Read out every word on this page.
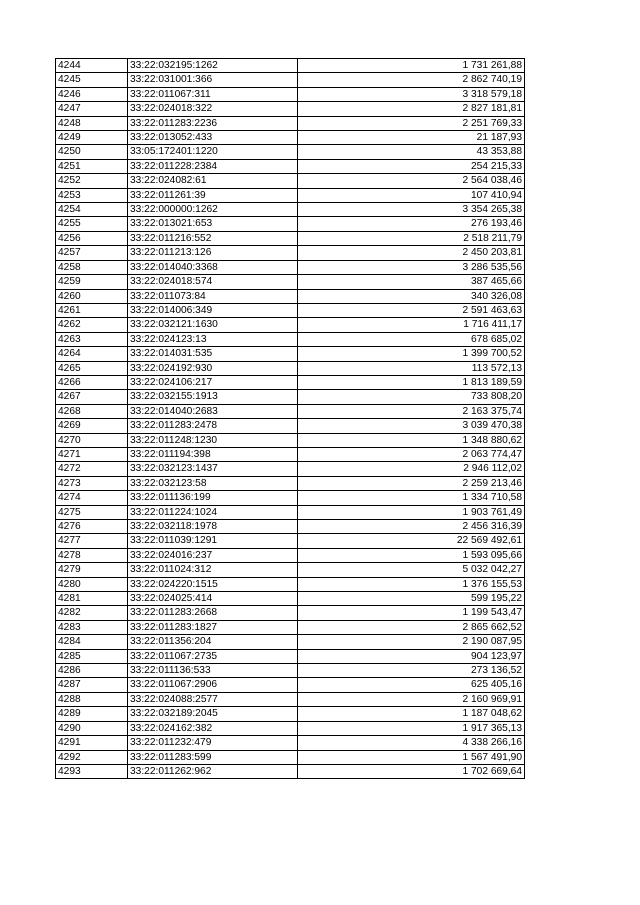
4244	33:22:032195:1262	1 731 261,88
4245	33:22:031001:366	2 862 740,19
4246	33:22:011067:311	3 318 579,18
4247	33:22:024018:322	2 827 181,81
4248	33:22:011283:2236	2 251 769,33
4249	33:22:013052:433	21 187,93
4250	33:05:172401:1220	43 353,88
4251	33:22:011228:2384	254 215,33
4252	33:22:024082:61	2 564 038,46
4253	33:22:011261:39	107 410,94
4254	33:22:000000:1262	3 354 265,38
4255	33:22:013021:653	276 193,46
4256	33:22:011216:552	2 518 211,79
4257	33:22:011213:126	2 450 203,81
4258	33:22:014040:3368	3 286 535,56
4259	33:22:024018:574	387 465,66
4260	33:22:011073:84	340 326,08
4261	33:22:014006:349	2 591 463,63
4262	33:22:032121:1630	1 716 411,17
4263	33:22:024123:13	678 685,02
4264	33:22:014031:535	1 399 700,52
4265	33:22:024192:930	113 572,13
4266	33:22:024106:217	1 813 189,59
4267	33:22:032155:1913	733 808,20
4268	33:22:014040:2683	2 163 375,74
4269	33:22:011283:2478	3 039 470,38
4270	33:22:011248:1230	1 348 880,62
4271	33:22:011194:398	2 063 774,47
4272	33:22:032123:1437	2 946 112,02
4273	33:22:032123:58	2 259 213,46
4274	33:22:011136:199	1 334 710,58
4275	33:22:011224:1024	1 903 761,49
4276	33:22:032118:1978	2 456 316,39
4277	33:22:011039:1291	22 569 492,61
4278	33:22:024016:237	1 593 095,66
4279	33:22:011024:312	5 032 042,27
4280	33:22:024220:1515	1 376 155,53
4281	33:22:024025:414	599 195,22
4282	33:22:011283:2668	1 199 543,47
4283	33:22:011283:1827	2 865 662,52
4284	33:22:011356:204	2 190 087,95
4285	33:22:011067:2735	904 123,97
4286	33:22:011136:533	273 136,52
4287	33:22:011067:2906	625 405,16
4288	33:22:024088:2577	2 160 969,91
4289	33:22:032189:2045	1 187 048,62
4290	33:22:024162:382	1 917 365,13
4291	33:22:011232:479	4 338 266,16
4292	33:22:011283:599	1 567 491,90
4293	33:22:011262:962	1 702 669,64
